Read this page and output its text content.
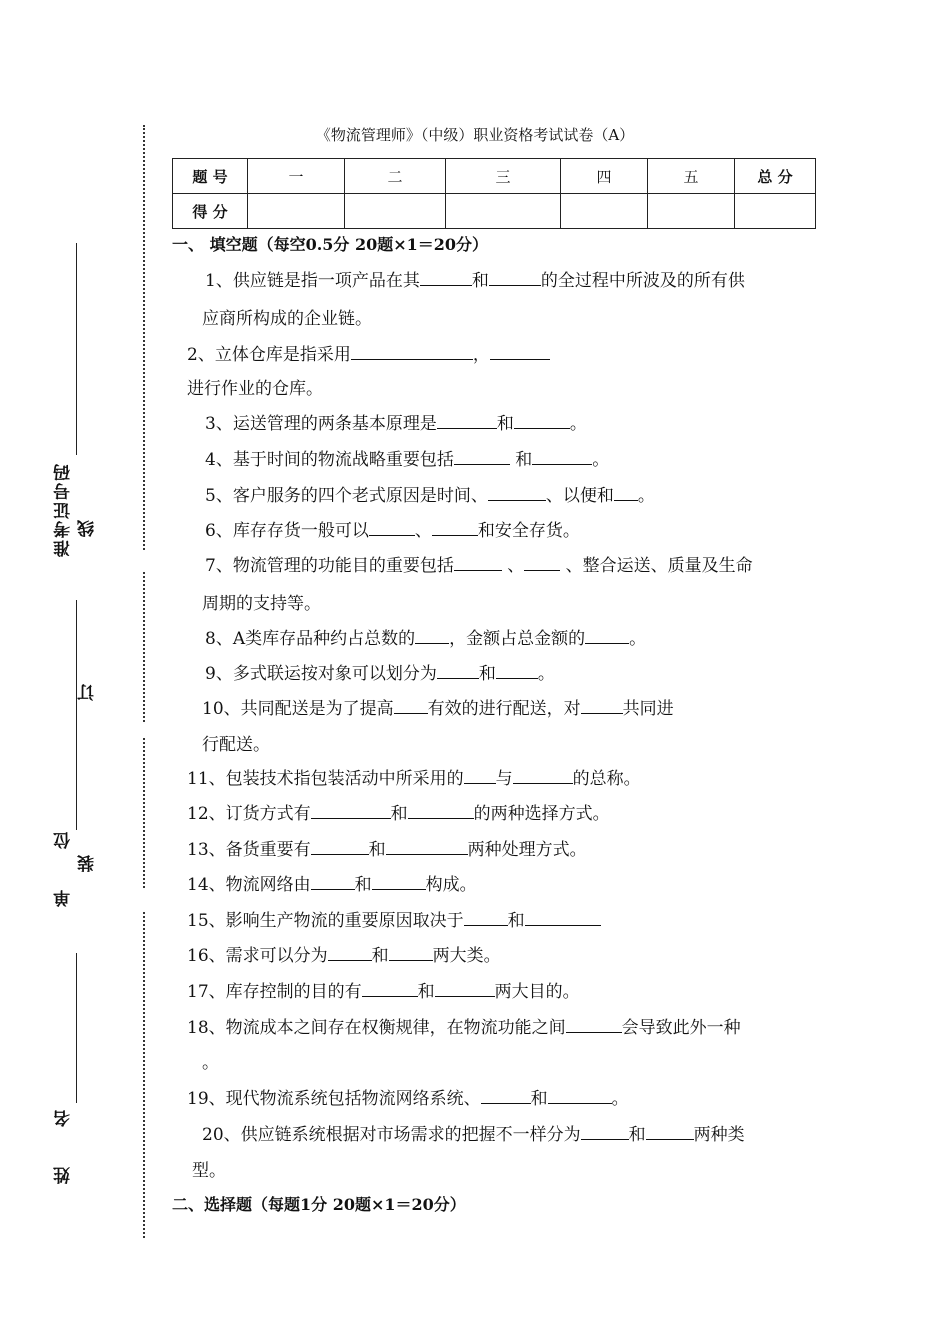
准考证号码 线
订
位
装
单
名
姓
《物流管理师》（中级）职业资格考试试卷（A）
题 号	一	二	三	四	五	总 分
得 分						
一、 填空题（每空0.5分 20题×1＝20分）
1、供应链是指一项产品在其	和	的全过程中所波及的所有供
应商所构成的企业链。
2、立体仓库是指采用	，
进行作业的仓库。
3、运送管理的两条基本原理是	和	。
4、基于时间的物流战略重要包括	和	。
5、客户服务的四个老式原因是时间、	、以便和 。
6、库存存货一般可以	、	和安全存货。
7、物流管理的功能目的重要包括	、 、整合运送、质量及生命
周期的支持等。
8、A类库存品种约占总数的 ，金额占总金额的	。
9、多式联运按对象可以划分为 和 。
10、共同配送是为了提高 有效的进行配送，对 共同进
行配送。
11、包装技术指包装活动中所采用的 与	的总称。
12、订货方式有	和	的两种选择方式。
13、备货重要有	和	两种处理方式。
14、物流网络由	和	构成。
15、影响生产物流的重要原因取决于	和
16、需求可以分为	和	两大类。
17、库存控制的目的有	和	两大目的。
18、物流成本之间存在权衡规律，在物流功能之间	会导致此外一种
。
19、现代物流系统包括物流网络系统、	和	。
20、供应链系统根据对市场需求的把握不一样分为	和	两种类
型。
二、选择题（每题1分 20题×1＝20分）
